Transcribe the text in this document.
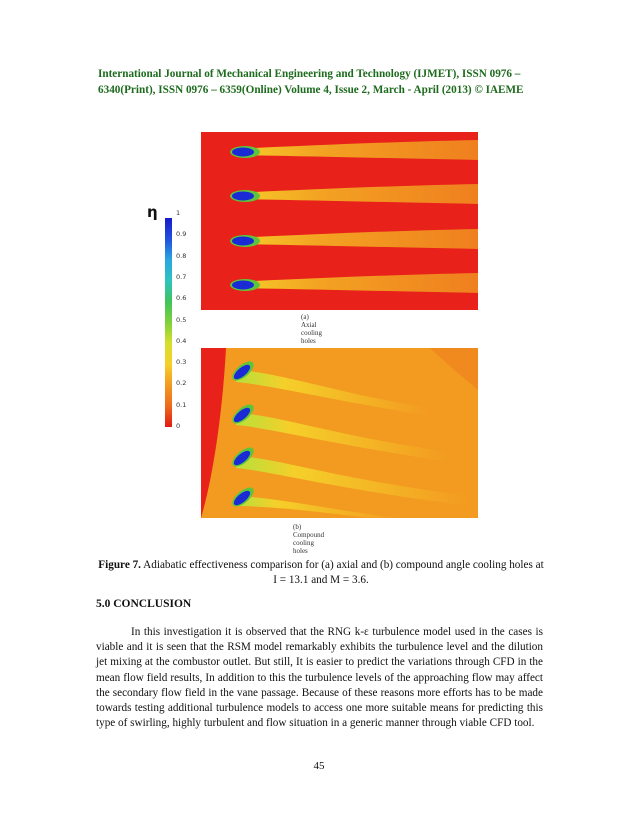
International Journal of Mechanical Engineering and Technology (IJMET), ISSN 0976 –
6340(Print), ISSN 0976 – 6359(Online) Volume 4, Issue 2, March - April (2013) © IAEME
η	1
0.9
0.8
0.7
0.6
0.5
0.4
0.3
0.2
0.1
0
(a) Axial cooling holes
(b) Compound cooling holes
Figure 7. Adiabatic effectiveness comparison for (a) axial and (b) compound angle cooling holes at I = 13.1 and M = 3.6.
5.0 CONCLUSION

In this investigation it is observed that the RNG k-ε turbulence model used in the cases is viable and it is seen that the RSM model remarkably exhibits the turbulence level and the dilution jet mixing at the combustor outlet. But still, It is easier to predict the variations through CFD in the mean flow field results, In addition to this the turbulence levels of the approaching flow may affect the secondary flow field in the vane passage. Because of these reasons more efforts has to be made towards testing additional turbulence models to access one more suitable means for predicting this type of swirling, highly turbulent and flow situation in a generic manner through viable CFD tool.

45
